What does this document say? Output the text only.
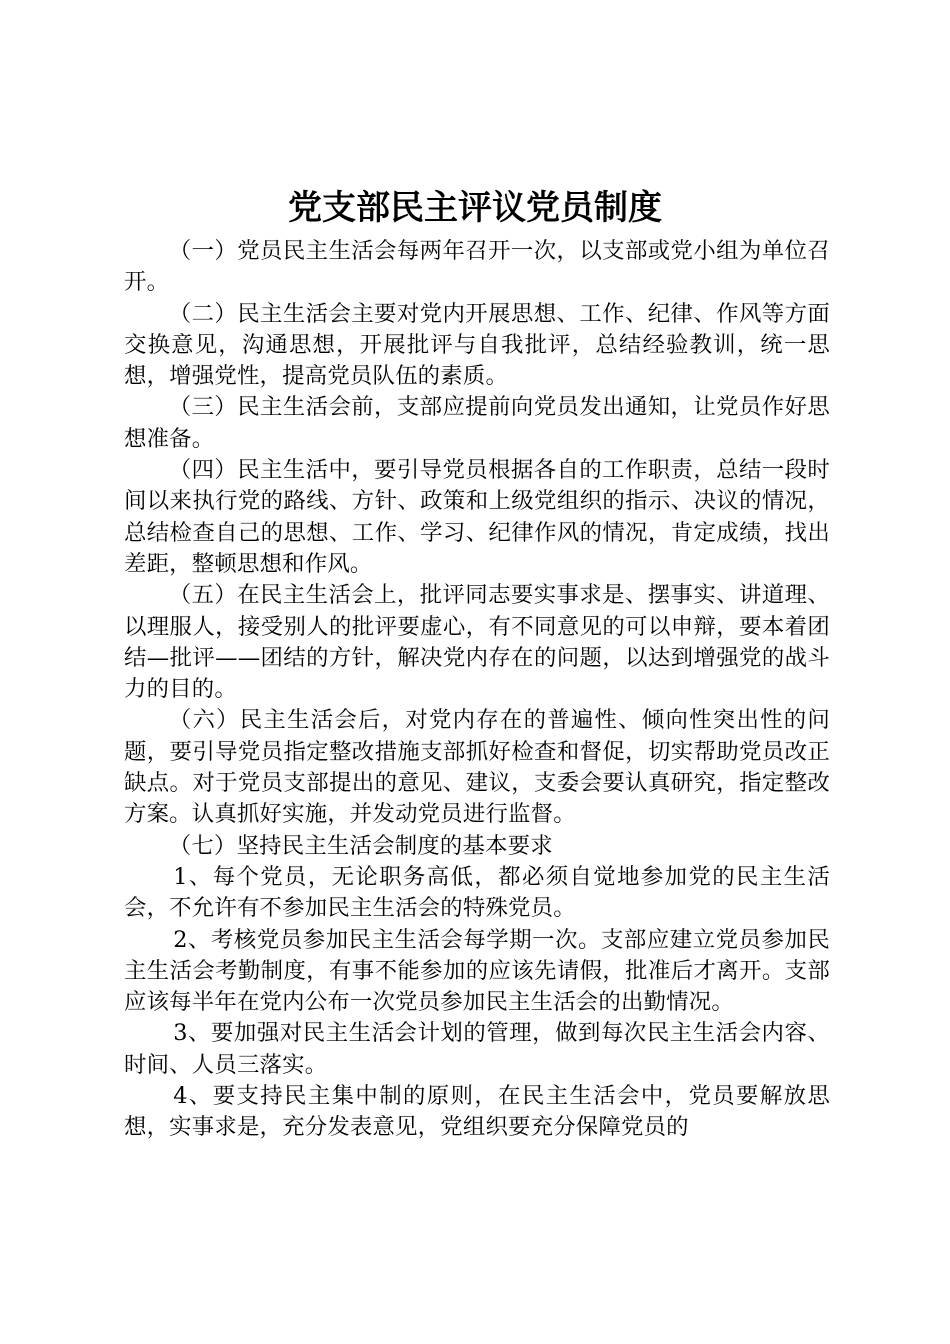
党支部民主评议党员制度

（一）党员民主生活会每两年召开一次，以支部或党小组为单位召开。

（二）民主生活会主要对党内开展思想、工作、纪律、作风等方面交换意见，沟通思想，开展批评与自我批评，总结经验教训，统一思想，增强党性，提高党员队伍的素质。

（三）民主生活会前，支部应提前向党员发出通知，让党员作好思想准备。

（四）民主生活中，要引导党员根据各自的工作职责，总结一段时间以来执行党的路线、方针、政策和上级党组织的指示、决议的情况，总结检查自己的思想、工作、学习、纪律作风的情况，肯定成绩，找出差距，整顿思想和作风。

（五）在民主生活会上，批评同志要实事求是、摆事实、讲道理、以理服人，接受别人的批评要虚心，有不同意见的可以申辩，要本着团结—批评——团结的方针，解决党内存在的问题，以达到增强党的战斗力的目的。

（六）民主生活会后，对党内存在的普遍性、倾向性突出性的问题，要引导党员指定整改措施支部抓好检查和督促，切实帮助党员改正缺点。对于党员支部提出的意见、建议，支委会要认真研究，指定整改方案。认真抓好实施，并发动党员进行监督。

（七）坚持民主生活会制度的基本要求

1、每个党员，无论职务高低，都必须自觉地参加党的民主生活会，不允许有不参加民主生活会的特殊党员。

2、考核党员参加民主生活会每学期一次。支部应建立党员参加民主生活会考勤制度，有事不能参加的应该先请假，批准后才离开。支部应该每半年在党内公布一次党员参加民主生活会的出勤情况。

3、要加强对民主生活会计划的管理，做到每次民主生活会内容、时间、人员三落实。

4、要支持民主集中制的原则，在民主生活会中，党员要解放思想，实事求是，充分发表意见，党组织要充分保障党员的
